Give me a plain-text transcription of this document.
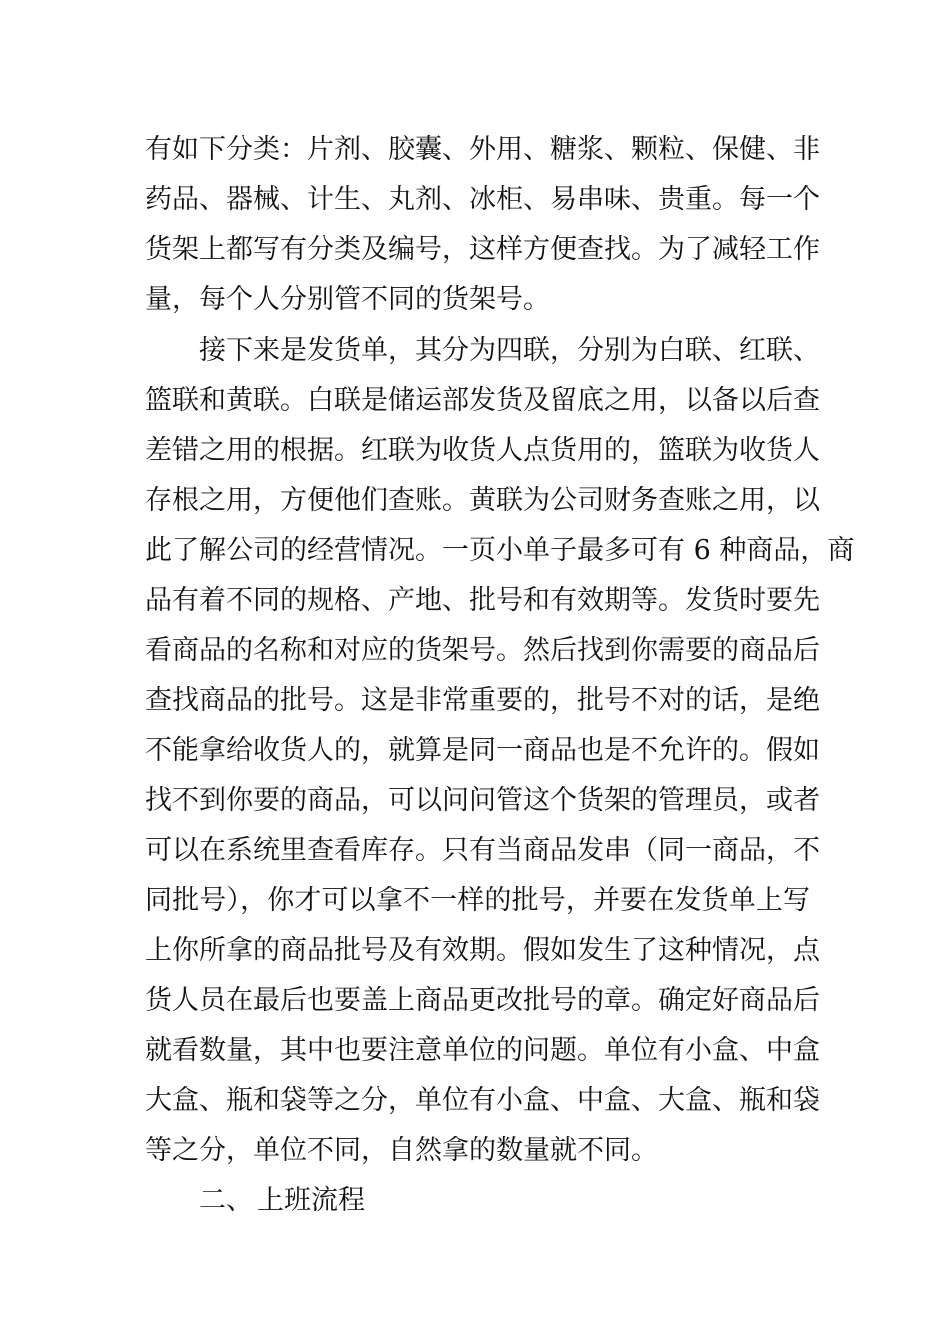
有如下分类：片剂、胶囊、外用、糖浆、颗粒、保健、非
药品、器械、计生、丸剂、冰柜、易串味、贵重。每一个
货架上都写有分类及编号，这样方便查找。为了减轻工作
量，每个人分别管不同的货架号。
接下来是发货单，其分为四联，分别为白联、红联、
篮联和黄联。白联是储运部发货及留底之用，以备以后查
差错之用的根据。红联为收货人点货用的，篮联为收货人
存根之用，方便他们查账。黄联为公司财务查账之用，以
此了解公司的经营情况。一页小单子最多可有 6 种商品，商
品有着不同的规格、产地、批号和有效期等。发货时要先
看商品的名称和对应的货架号。然后找到你需要的商品后
查找商品的批号。这是非常重要的，批号不对的话，是绝
不能拿给收货人的，就算是同一商品也是不允许的。假如
找不到你要的商品，可以问问管这个货架的管理员，或者
可以在系统里查看库存。只有当商品发串（同一商品，不
同批号），你才可以拿不一样的批号，并要在发货单上写
上你所拿的商品批号及有效期。假如发生了这种情况，点
货人员在最后也要盖上商品更改批号的章。确定好商品后
就看数量，其中也要注意单位的问题。单位有小盒、中盒
大盒、瓶和袋等之分，单位有小盒、中盒、大盒、瓶和袋
等之分，单位不同，自然拿的数量就不同。
二、 上班流程
